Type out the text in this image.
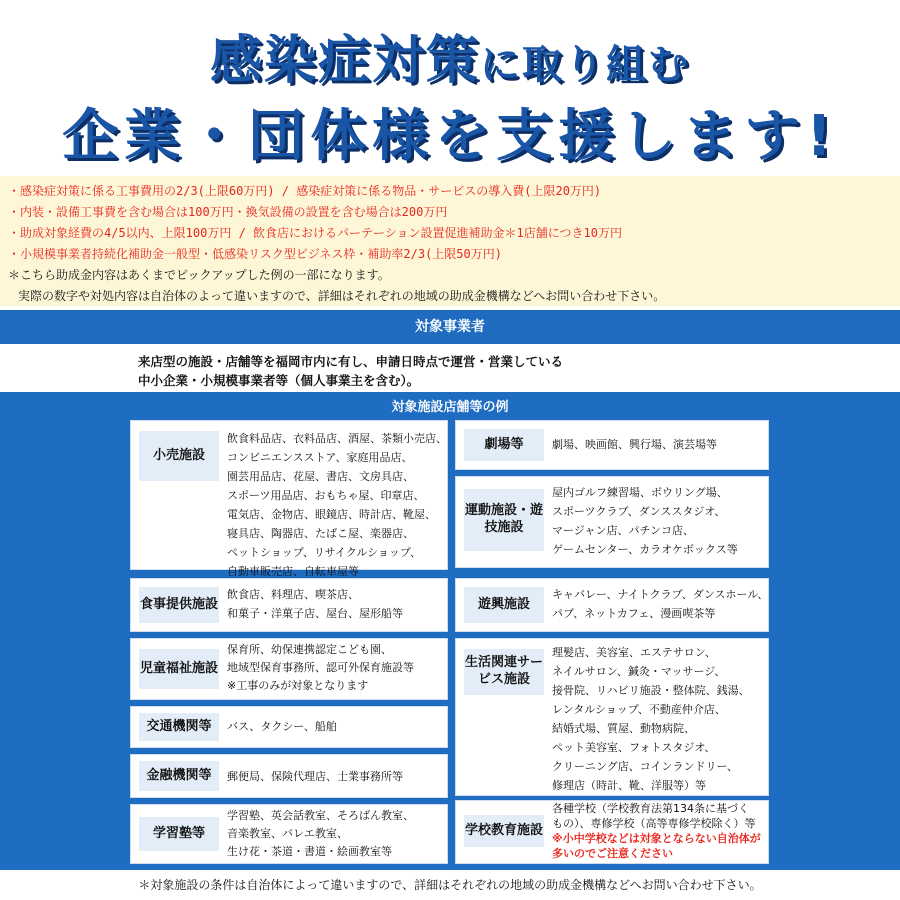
感染症対策に取り組む
企業・団体様を支援します!
・感染症対策に係る工事費用の2/3(上限60万円) / 感染症対策に係る物品・サービスの導入費(上限20万円)
・内装・設備工事費を含む場合は100万円・換気設備の設置を含む場合は200万円
・助成対象経費の4/5以内、上限100万円 / 飲食店におけるパーテーション設置促進補助金＊1店舗につき10万円
・小規模事業者持続化補助金一般型・低感染リスク型ビジネス枠・補助率2/3(上限50万円)
＊こちら助成金内容はあくまでピックアップした例の一部になります。
実際の数字や対処内容は自治体のよって違いますので、詳細はそれぞれの地域の助成金機構などへお問い合わせ下さい。
対象事業者
来店型の施設・店舗等を福岡市内に有し、申請日時点で運営・営業している
中小企業・小規模事業者等（個人事業主を含む）。
対象施設店舗等の例
小売施設
飲食料品店、衣料品店、酒屋、茶類小売店、
コンビニエンスストア、家庭用品店、
園芸用品店、花屋、書店、文房具店、
スポーツ用品店、おもちゃ屋、印章店、
電気店、金物店、眼鏡店、時計店、靴屋、
寝具店、陶器店、たばこ屋、楽器店、
ペットショップ、リサイクルショップ、
自動車販売店、自転車屋等
食事提供施設
飲食店、料理店、喫茶店、
和菓子・洋菓子店、屋台、屋形船等
児童福祉施設
保育所、幼保連携認定こども園、
地域型保育事務所、認可外保育施設等
※工事のみが対象となります
交通機関等	バス、タクシー、船舶
金融機関等	郵便局、保険代理店、士業事務所等
学習塾等
学習塾、英会話教室、そろばん教室、
音楽教室、バレエ教室、
生け花・茶道・書道・絵画教室等
劇場等	劇場、映画館、興行場、演芸場等
運動施設・遊技施設
屋内ゴルフ練習場、ボウリング場、
スポーツクラブ、ダンススタジオ、
マージャン店、パチンコ店、
ゲームセンター、カラオケボックス等
遊興施設
キャバレー、ナイトクラブ、ダンスホール、
パブ、ネットカフェ、漫画喫茶等
生活関連サービス施設
理髪店、美容室、エステサロン、
ネイルサロン、鍼灸・マッサージ、
接骨院、リハビリ施設・整体院、銭湯、
レンタルショップ、不動産仲介店、
結婚式場、質屋、動物病院、
ペット美容室、フォトスタジオ、
クリーニング店、コインランドリー、
修理店（時計、靴、洋服等）等
学校教育施設
各種学校（学校教育法第134条に基づく
もの）、専修学校（高等専修学校除く）等
※小中学校などは対象とならない自治体が
多いのでご注意ください
＊対象施設の条件は自治体によって違いますので、詳細はそれぞれの地域の助成金機構などへお問い合わせ下さい。
